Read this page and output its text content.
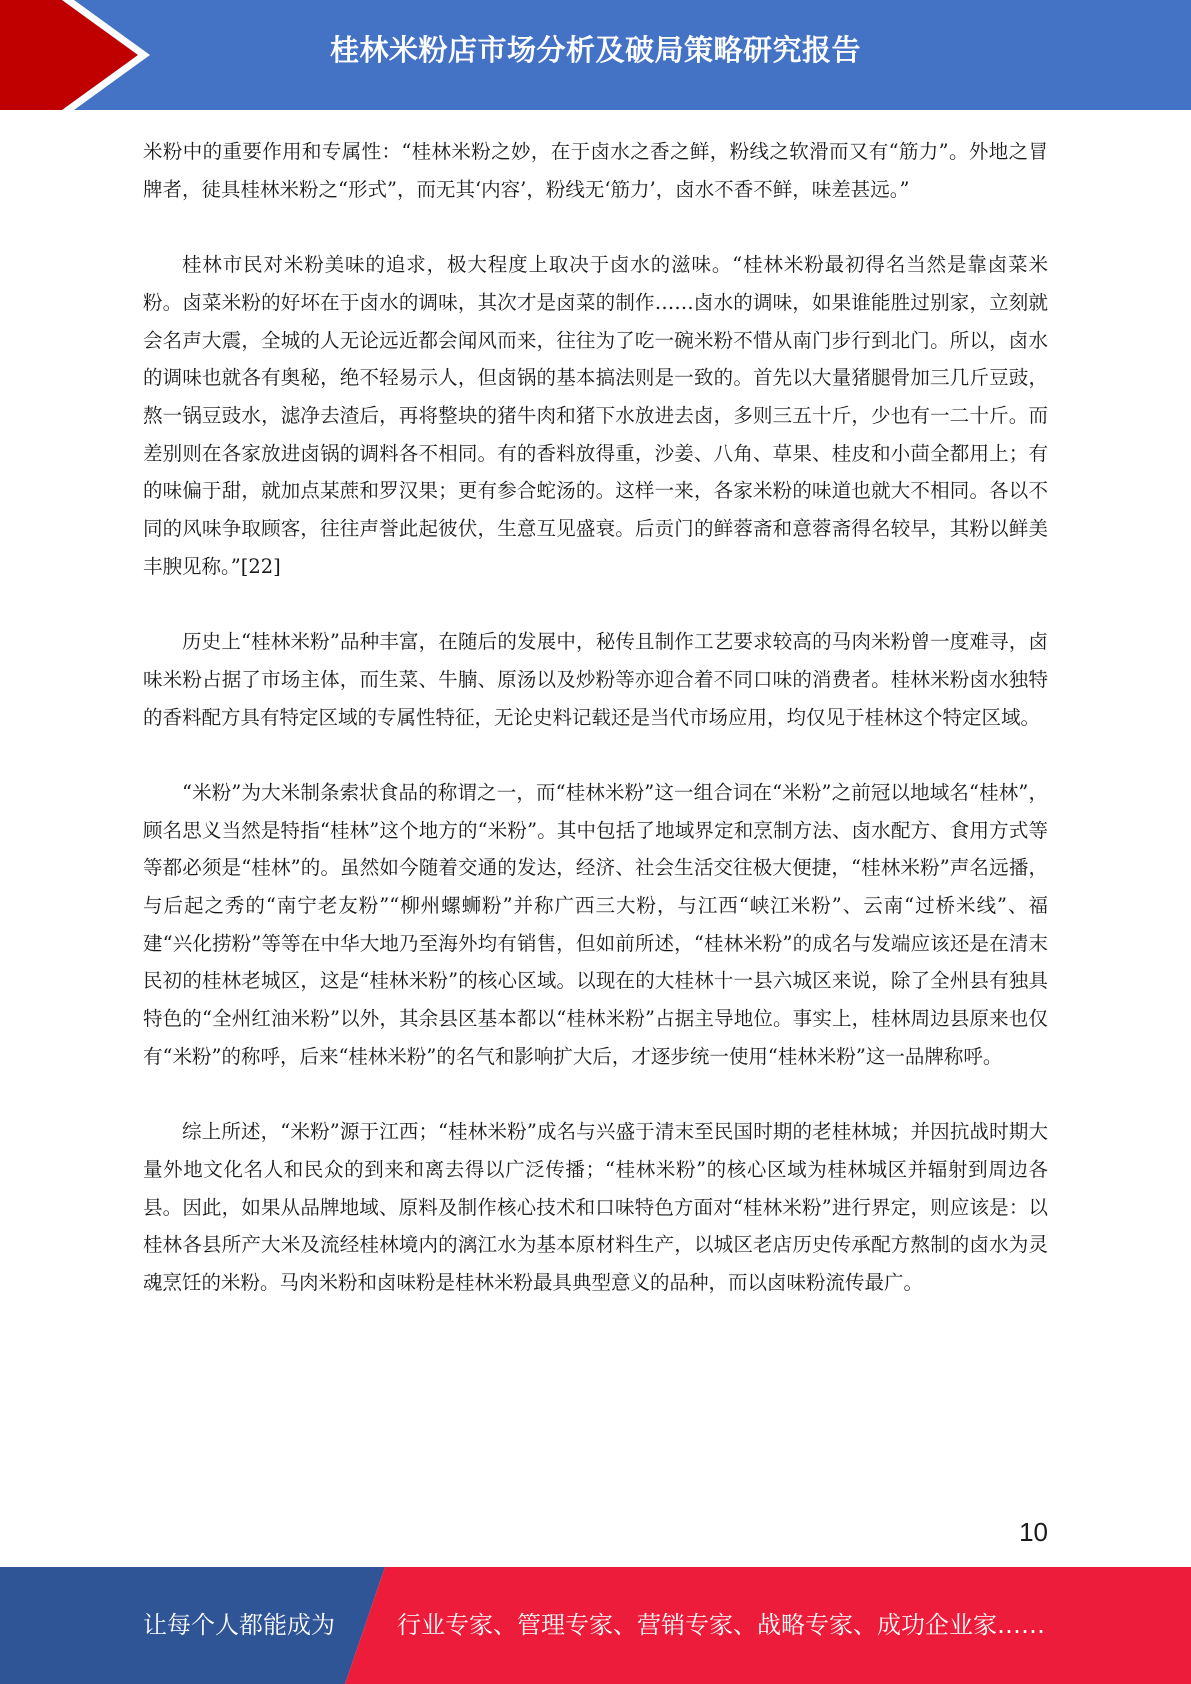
桂林米粉店市场分析及破局策略研究报告

米粉中的重要作用和专属性：“桂林米粉之妙，在于卤水之香之鲜，粉线之软滑而又有“筋力”。外地之冒牌者，徒具桂林米粉之“形式”，而无其‘内容’，粉线无‘筋力’，卤水不香不鲜，味差甚远。”

桂林市民对米粉美味的追求，极大程度上取决于卤水的滋味。“桂林米粉最初得名当然是靠卤菜米粉。卤菜米粉的好坏在于卤水的调味，其次才是卤菜的制作……卤水的调味，如果谁能胜过别家，立刻就会名声大震，全城的人无论远近都会闻风而来，往往为了吃一碗米粉不惜从南门步行到北门。所以，卤水的调味也就各有奥秘，绝不轻易示人，但卤锅的基本搞法则是一致的。首先以大量猪腿骨加三几斤豆豉，熬一锅豆豉水，滤净去渣后，再将整块的猪牛肉和猪下水放进去卤，多则三五十斤，少也有一二十斤。而差别则在各家放进卤锅的调料各不相同。有的香料放得重，沙姜、八角、草果、桂皮和小茴全都用上；有的味偏于甜，就加点某蔗和罗汉果；更有参合蛇汤的。这样一来，各家米粉的味道也就大不相同。各以不同的风味争取顾客，往往声誉此起彼伏，生意互见盛衰。后贡门的鲜蓉斋和意蓉斋得名较早，其粉以鲜美丰腴见称。”[22]

历史上“桂林米粉”品种丰富，在随后的发展中，秘传且制作工艺要求较高的马肉米粉曾一度难寻，卤味米粉占据了市场主体，而生菜、牛腩、原汤以及炒粉等亦迎合着不同口味的消费者。桂林米粉卤水独特的香料配方具有特定区域的专属性特征，无论史料记载还是当代市场应用，均仅见于桂林这个特定区域。

“米粉”为大米制条索状食品的称谓之一，而“桂林米粉”这一组合词在“米粉”之前冠以地域名“桂林”，顾名思义当然是特指“桂林”这个地方的“米粉”。其中包括了地域界定和烹制方法、卤水配方、食用方式等等都必须是“桂林”的。虽然如今随着交通的发达，经济、社会生活交往极大便捷，“桂林米粉”声名远播，与后起之秀的“南宁老友粉”“柳州螺蛳粉”并称广西三大粉，与江西“峡江米粉”、云南“过桥米线”、福建“兴化捞粉”等等在中华大地乃至海外均有销售，但如前所述，“桂林米粉”的成名与发端应该还是在清末民初的桂林老城区，这是“桂林米粉”的核心区域。以现在的大桂林十一县六城区来说，除了全州县有独具特色的“全州红油米粉”以外，其余县区基本都以“桂林米粉”占据主导地位。事实上，桂林周边县原来也仅有“米粉”的称呼，后来“桂林米粉”的名气和影响扩大后，才逐步统一使用“桂林米粉”这一品牌称呼。

综上所述，“米粉”源于江西；“桂林米粉”成名与兴盛于清末至民国时期的老桂林城；并因抗战时期大量外地文化名人和民众的到来和离去得以广泛传播；“桂林米粉”的核心区域为桂林城区并辐射到周边各县。因此，如果从品牌地域、原料及制作核心技术和口味特色方面对“桂林米粉”进行界定，则应该是：以桂林各县所产大米及流经桂林境内的漓江水为基本原材料生产，以城区老店历史传承配方熬制的卤水为灵魂烹饪的米粉。马肉米粉和卤味粉是桂林米粉最具典型意义的品种，而以卤味粉流传最广。

10
让每个人都能成为	行业专家、管理专家、营销专家、战略专家、成功企业家……
